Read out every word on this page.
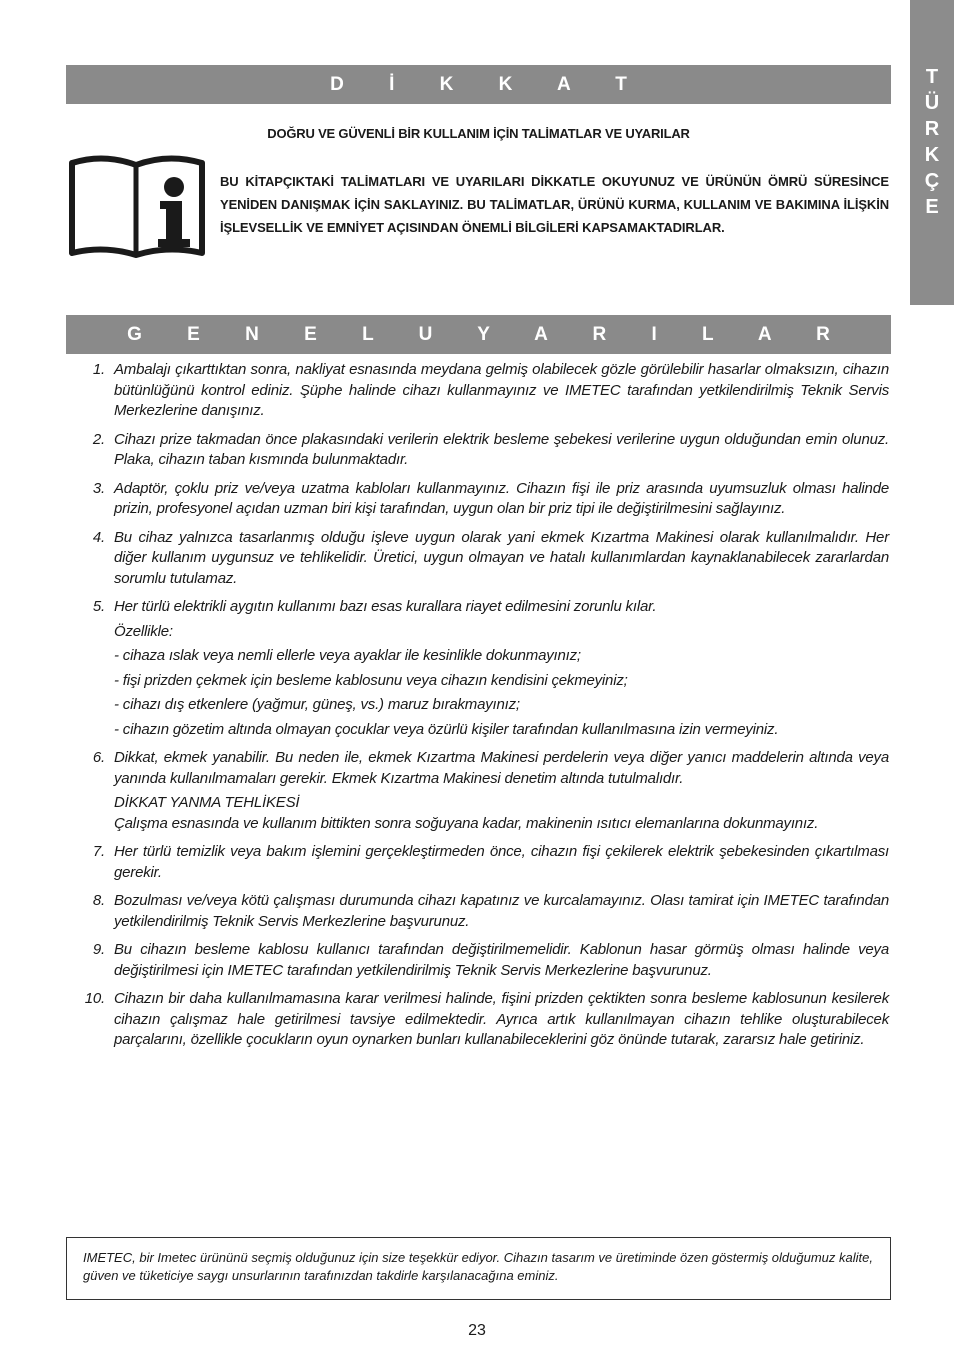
T
Ü
R
K
Ç
E
D İ K K A T
DOĞRU VE GÜVENLİ BİR KULLANIM İÇİN TALİMATLAR VE UYARILAR
BU KİTAPÇIKTAKİ TALİMATLARI VE UYARILARI DİKKATLE OKUYUNUZ VE ÜRÜNÜN ÖMRÜ SÜRESİNCE YENİDEN DANIŞMAK İÇİN SAKLAYINIZ. BU TALİMATLAR, ÜRÜNÜ KURMA, KULLANIM VE BAKIMINA İLİŞKİN İŞLEVSELLİK VE EMNİYET AÇISINDAN ÖNEMLİ BİLGİLERİ KAPSAMAKTADIRLAR.
G E N E L U Y A R I L A R
1. Ambalajı çıkarttıktan sonra, nakliyat esnasında meydana gelmiş olabilecek gözle görülebilir hasarlar olmaksızın, cihazın bütünlüğünü kontrol ediniz. Şüphe halinde cihazı kullanmayınız ve IMETEC tarafından yetkilendirilmiş Teknik Servis Merkezlerine danışınız.
2. Cihazı prize takmadan önce plakasındaki verilerin elektrik besleme şebekesi verilerine uygun olduğundan emin olunuz. Plaka, cihazın taban kısmında bulunmaktadır.
3. Adaptör, çoklu priz ve/veya uzatma kabloları kullanmayınız. Cihazın fişi ile priz arasında uyumsuzluk olması halinde prizin, profesyonel açıdan uzman biri kişi tarafından, uygun olan bir priz tipi ile değiştirilmesini sağlayınız.
4. Bu cihaz yalnızca tasarlanmış olduğu işleve uygun olarak yani ekmek Kızartma Makinesi olarak kullanılmalıdır. Her diğer kullanım uygunsuz ve tehlikelidir. Üretici, uygun olmayan ve hatalı kullanımlardan kaynaklanabilecek zararlardan sorumlu tutulamaz.
5. Her türlü elektrikli aygıtın kullanımı bazı esas kurallara riayet edilmesini zorunlu kılar.
Özellikle:
- cihaza ıslak veya nemli ellerle veya ayaklar ile kesinlikle dokunmayınız;
- fişi prizden çekmek için besleme kablosunu veya cihazın kendisini çekmeyiniz;
- cihazı dış etkenlere (yağmur, güneş, vs.) maruz bırakmayınız;
- cihazın gözetim altında olmayan çocuklar veya özürlü kişiler tarafından kullanılmasına izin vermeyiniz.
6. Dikkat, ekmek yanabilir. Bu neden ile, ekmek Kızartma Makinesi perdelerin veya diğer yanıcı maddelerin altında veya yanında kullanılmamaları gerekir. Ekmek Kızartma Makinesi denetim altında tutulmalıdır.
DİKKAT YANMA TEHLİKESİ
Çalışma esnasında ve kullanım bittikten sonra soğuyana kadar, makinenin ısıtıcı elemanlarına dokunmayınız.
7. Her türlü temizlik veya bakım işlemini gerçekleştirmeden önce, cihazın fişi çekilerek elektrik şebekesinden çıkartılması gerekir.
8. Bozulması ve/veya kötü çalışması durumunda cihazı kapatınız ve kurcalamayınız. Olası tamirat için IMETEC tarafından yetkilendirilmiş Teknik Servis Merkezlerine başvurunuz.
9. Bu cihazın besleme kablosu kullanıcı tarafından değiştirilmemelidir. Kablonun hasar görmüş olması halinde veya değiştirilmesi için IMETEC tarafından yetkilendirilmiş Teknik Servis Merkezlerine başvurunuz.
10. Cihazın bir daha kullanılmamasına karar verilmesi halinde, fişini prizden çektikten sonra besleme kablosunun kesilerek cihazın çalışmaz hale getirilmesi tavsiye edilmektedir. Ayrıca artık kullanılmayan cihazın tehlike oluşturabilecek parçalarını, özellikle çocukların oyun oynarken bunları kullanabileceklerini göz önünde tutarak, zararsız hale getiriniz.
IMETEC, bir Imetec ürününü seçmiş olduğunuz için size teşekkür ediyor. Cihazın tasarım ve üretiminde özen göstermiş olduğumuz kalite, güven ve tüketiciye saygı unsurlarının tarafınızdan takdirle karşılanacağına eminiz.
23
